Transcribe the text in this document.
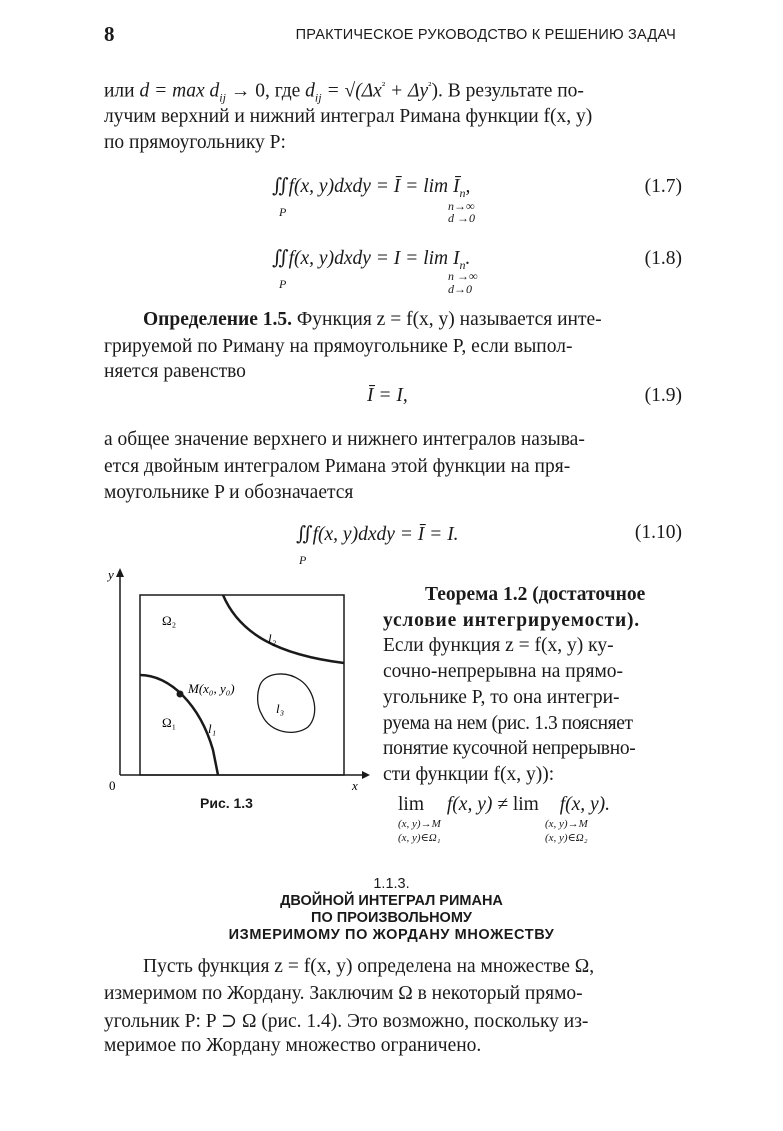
8	ПРАКТИЧЕСКОЕ РУКОВОДСТВО К РЕШЕНИЮ ЗАДАЧ
или $d = \max d_{ij} \to 0$, где $d_{ij} = √(\Delta x^{^2} + \Delta y^{^2})$. В результате по-
лучим верхний и нижний интеграл Римана функции f(x, y)
по прямоугольнику P:
∬f(x, y)dxdy = Ī = $\lim Ī_n$,
n→∞
d →0
P
(1.7)
∬f(x, y)dxdy = $I = \lim I_n$.
n →∞
d→0
P
(1.8)
Определение 1.5. Функция z = f(x, y) называется инте-
грируемой по Риману на прямоугольнике P, если выпол-
няется равенство
Ī = I,	(1.9)
а общее значение верхнего и нижнего интегралов называ-
ется двойным интегралом Римана этой функции на пря-
моугольнике P и обозначается
∬f(x, y)dxdy = Ī = I.
P
(1.10)
y
x
0
Ω₂
Ω₁
l₂
l₁
l₃
M(x₀, y₀)
Рис. 1.3
Теорема 1.2 (достаточное
условие интегрируемости).
Если функция z = f(x, y) ку-
сочно-непрерывна на прямо-
угольнике P, то она интегри-
руема на нем (рис. 1.3 поясняет
понятие кусочной непрерывно-
сти функции f(x, y)):
lim f(x, y) ≠ lim f(x, y).
(x, y)→M
(x, y)∈Ω₁
(x, y)→M
(x, y)∈Ω₂
1.1.3.
ДВОЙНОЙ ИНТЕГРАЛ РИМАНА
ПО ПРОИЗВОЛЬНОМУ
ИЗМЕРИМОМУ ПО ЖОРДАНУ МНОЖЕСТВУ
Пусть функция z = f(x, y) определена на множестве Ω,
измеримом по Жордану. Заключим Ω в некоторый прямо-
угольник P: P ⊃ Ω (рис. 1.4). Это возможно, поскольку из-
меримое по Жордану множество ограничено.
